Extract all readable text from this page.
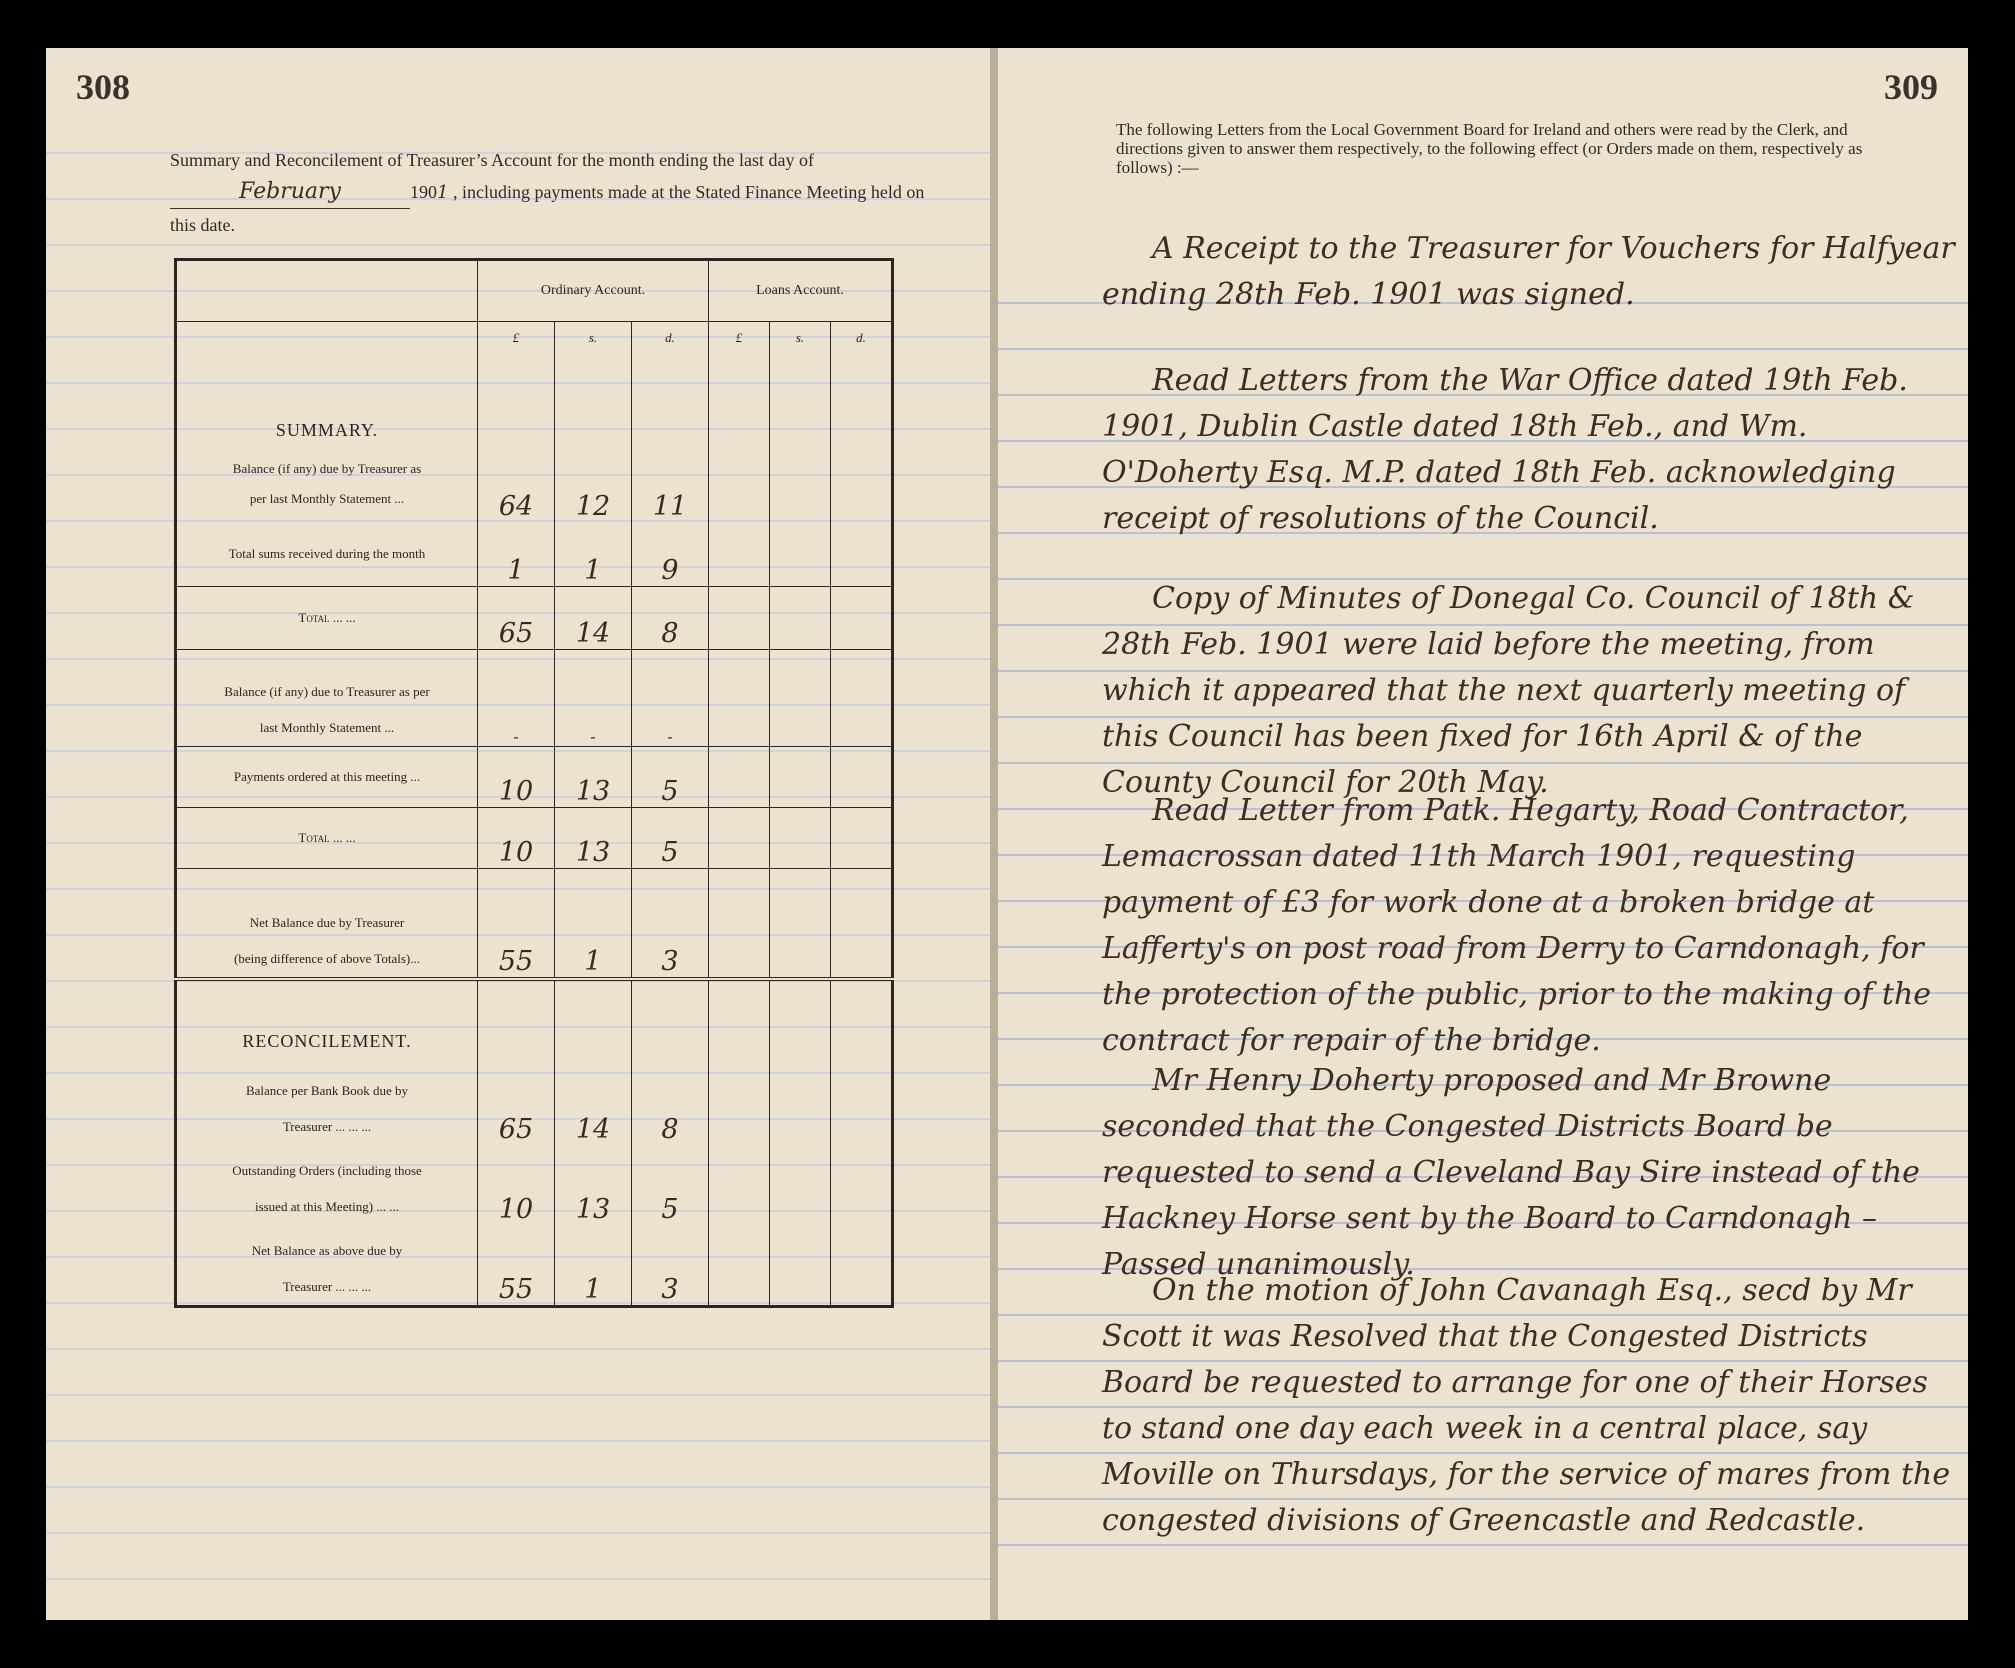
308
Summary and Reconcilement of Treasurer’s Account for the month ending the last day of February	1901 , including payments made at the Stated Finance Meeting held on this date.
	Ordinary Account.			Loans Account.		
	£	s.	d.	£	s.	d.
SUMMARY.						

Balance (if any) due by Treasurer as
per last Monthly Statement ...	64	12	11			
Total sums received during the month	1	1	9			
Total ... ...	65	14	8			

Balance (if any) due to Treasurer as per
last Monthly Statement ...	-	-	-			
Payments ordered at this meeting ...	10	13	5			
Total ... ...	10	13	5			

Net Balance due by Treasurer
(being difference of above Totals)...	55	1	3			
RECONCILEMENT.						

Balance per Bank Book due by
Treasurer ... ... ...	65	14	8			

Outstanding Orders (including those
issued at this Meeting) ... ...	10	13	5			

Net Balance as above due by
Treasurer ... ... ...	55	1	3			
309
The following Letters from the Local Government Board for Ireland and others were read by the Clerk, and directions given to answer them respectively, to the following effect (or Orders made on them, respectively as follows) :—

A Receipt to the Treasurer for Vouchers for Halfyear ending 28th Feb. 1901 was signed.

Read Letters from the War Office dated 19th Feb. 1901, Dublin Castle dated 18th Feb., and Wm. O'Doherty Esq. M.P. dated 18th Feb. acknowledging receipt of resolutions of the Council.

Copy of Minutes of Donegal Co. Council of 18th & 28th Feb. 1901 were laid before the meeting, from which it appeared that the next quarterly meeting of this Council has been fixed for 16th April & of the County Council for 20th May.

Read Letter from Patk. Hegarty, Road Contractor, Lemacrossan dated 11th March 1901, requesting payment of £3 for work done at a broken bridge at Lafferty's on post road from Derry to Carndonagh, for the protection of the public, prior to the making of the contract for repair of the bridge.

Mr Henry Doherty proposed and Mr Browne seconded that the Congested Districts Board be requested to send a Cleveland Bay Sire instead of the Hackney Horse sent by the Board to Carndonagh – Passed unanimously.

On the motion of John Cavanagh Esq., secd by Mr Scott it was Resolved that the Congested Districts Board be requested to arrange for one of their Horses to stand one day each week in a central place, say Moville on Thursdays, for the service of mares from the congested divisions of Greencastle and Redcastle.
